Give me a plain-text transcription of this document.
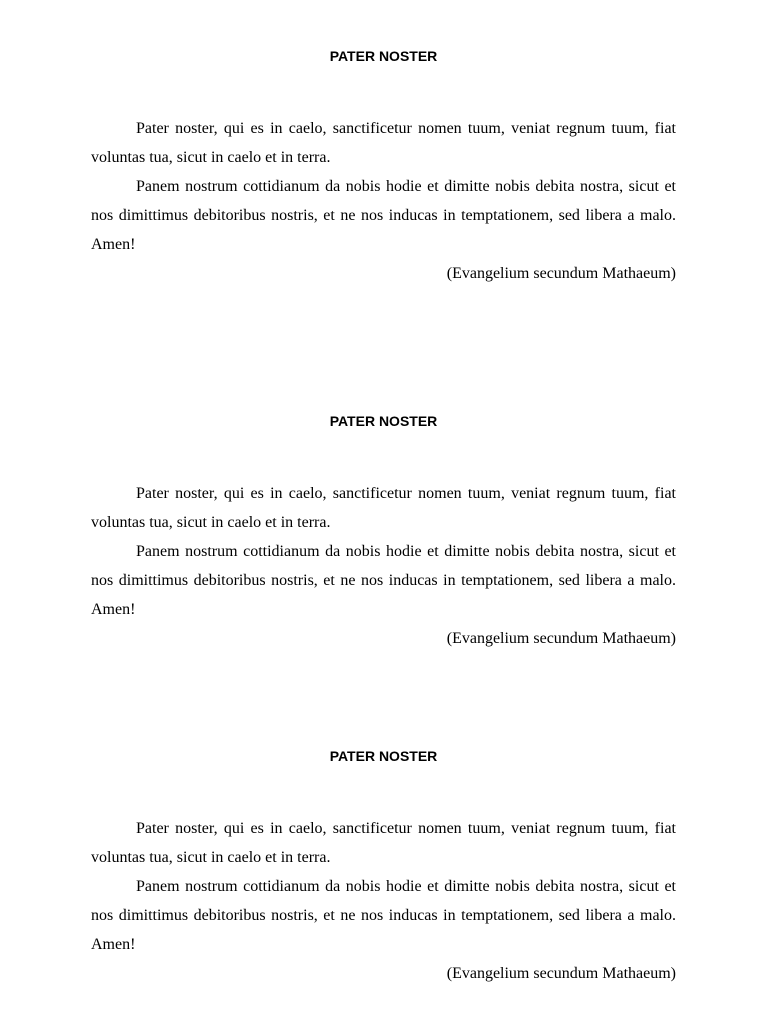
PATER NOSTER

Pater noster, qui es in caelo, sanctificetur nomen tuum, veniat regnum tuum, fiat voluntas tua, sicut in caelo et in terra.

Panem nostrum cottidianum da nobis hodie et dimitte nobis debita nostra, sicut et nos dimittimus debitoribus nostris, et ne nos inducas in temptationem, sed libera a malo. Amen!

(Evangelium secundum Mathaeum)

PATER NOSTER

Pater noster, qui es in caelo, sanctificetur nomen tuum, veniat regnum tuum, fiat voluntas tua, sicut in caelo et in terra.

Panem nostrum cottidianum da nobis hodie et dimitte nobis debita nostra, sicut et nos dimittimus debitoribus nostris, et ne nos inducas in temptationem, sed libera a malo. Amen!

(Evangelium secundum Mathaeum)

PATER NOSTER

Pater noster, qui es in caelo, sanctificetur nomen tuum, veniat regnum tuum, fiat voluntas tua, sicut in caelo et in terra.

Panem nostrum cottidianum da nobis hodie et dimitte nobis debita nostra, sicut et nos dimittimus debitoribus nostris, et ne nos inducas in temptationem, sed libera a malo. Amen!

(Evangelium secundum Mathaeum)
